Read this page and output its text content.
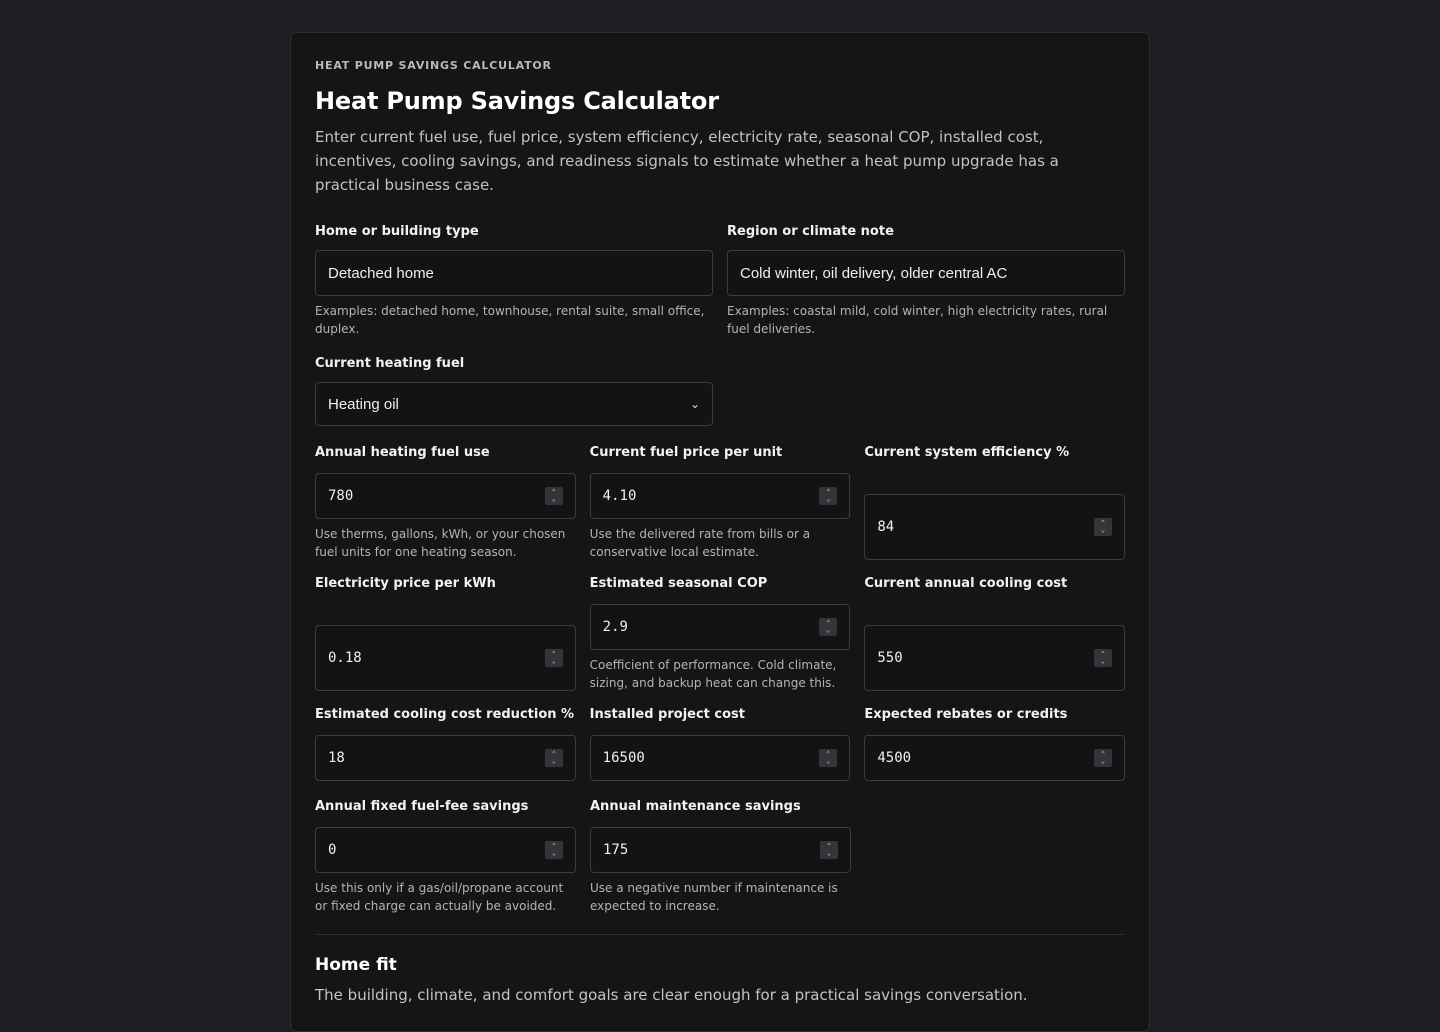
HEAT PUMP SAVINGS CALCULATOR
Heat Pump Savings Calculator
Enter current fuel use, fuel price, system efficiency, electricity rate, seasonal COP, installed cost, incentives, cooling savings, and readiness signals to estimate whether a heat pump upgrade has a practical business case.
Home or building type
Detached home
Examples: detached home, townhouse, rental suite, small office, duplex.
Region or climate note
Cold winter, oil delivery, older central AC
Examples: coastal mild, cold winter, high electricity rates, rural fuel deliveries.
Current heating fuel
Heating oil	⌄
Annual heating fuel use
780	⌃
⌄
Use therms, gallons, kWh, or your chosen fuel units for one heating season.
Current fuel price per unit
4.10	⌃
⌄
Use the delivered rate from bills or a conservative local estimate.
Current system efficiency %
84	⌃
⌄
Electricity price per kWh
0.18	⌃
⌄
Estimated seasonal COP
2.9	⌃
⌄
Coefficient of performance. Cold climate, sizing, and backup heat can change this.
Current annual cooling cost
550	⌃
⌄
Estimated cooling cost reduction %
18	⌃
⌄
Installed project cost
16500	⌃
⌄
Expected rebates or credits
4500	⌃
⌄
Annual fixed fuel-fee savings
0	⌃
⌄
Use this only if a gas/oil/propane account or fixed charge can actually be avoided.
Annual maintenance savings
175	⌃
⌄
Use a negative number if maintenance is expected to increase.
Home fit
The building, climate, and comfort goals are clear enough for a practical savings conversation.
